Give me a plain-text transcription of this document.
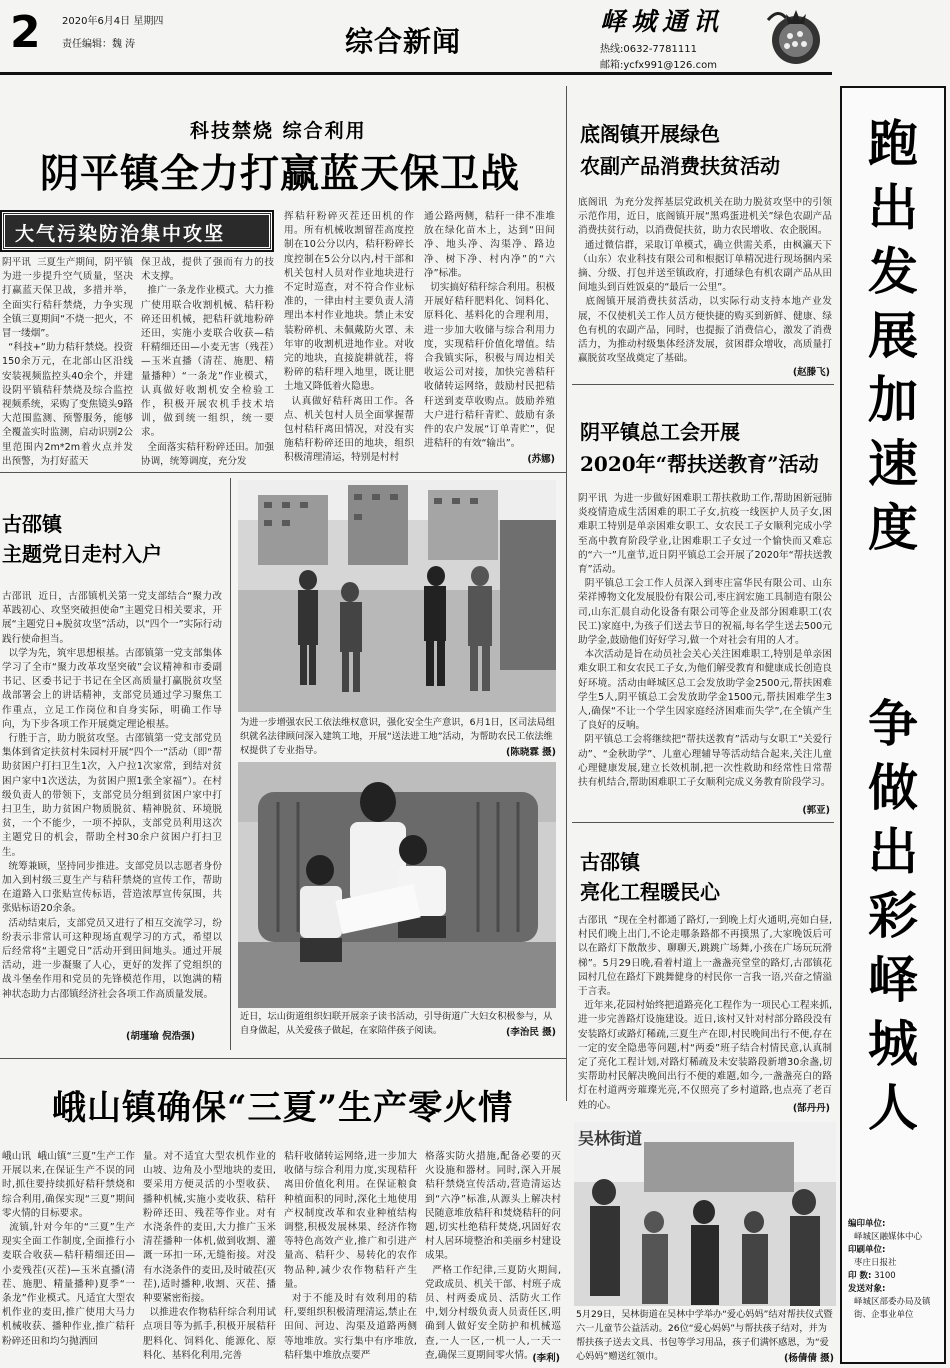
2 2020年6月4日 星期四
责任编辑：魏 涛	综合新闻
峄城通讯
热线:0632-7781111
邮箱:ycfx991@126.com
跑
出
发
展
加
速
度
争
做
出
彩
峄
城
人
编印单位:
峄城区融媒体中心
印刷单位:
枣庄日报社
印 数: 3100
发送对象:
峄城区部委办局及镇街、企事业单位
科技禁烧 综合利用
阴平镇全力打赢蓝天保卫战
大气污染防治集中攻坚
阴平讯  三夏生产期间，阴平镇为进一步提升空气质量，坚决打赢蓝天保卫战，多措并举，全面实行秸秆禁烧，力争实现全镇三夏期间“不烧一把火，不冒一缕烟”。
“科技+”助力秸秆禁烧。投资150余万元，在北部山区沿线安装视频监控头40余个，并建设阴平镇秸秆禁烧及综合监控视频系统，采购了变焦镜头9路大范围监测、预警服务，能够全覆盖实时监测，启动识别2公里范围内2m*2m着火点并发出预警，为打好蓝天
保卫战，提供了强而有力的技术支撑。
推广一条龙作业模式。大力推广使用联合收割机械、秸秆粉碎还田机械，把秸秆就地粉碎还田，实施小麦联合收获—秸秆精细还田—小麦无害（残茬）—玉米直播（清茬、施肥、精量播种）“一条龙”作业模式，认真做好收割机安全检验工作，积极开展农机手技术培训，做到统一组织，统一要求。
全面落实秸秆粉碎还田。加强协调，统筹调度，充分发
挥秸秆粉碎灭茬还田机的作用。所有机械收割留茬高度控制在10公分以内，秸秆粉碎长度控制在5公分以内,村干部和机关包村人员对作业地块进行不定时巡查，对不符合作业标准的，一律由村主要负责人清理出本村作业地块。禁止未安装粉碎机、未佩戴防火罩、未年审的收割机进地作业。对收完的地块，直接旋耕就茬，将粉碎的秸秆埋入地里，既让肥土地又降低着火隐患。
认真做好秸秆离田工作。各点、机关包村人员全面掌握帮包村秸秆离田情况，对没有实施秸秆粉碎还田的地块，组织积极清理清运，特别是村村
通公路两侧，秸秆一律不准堆放在绿化苗木上，达到“田间净、地头净、沟渠净、路边净、树下净、村内净”的“六净”标准。
切实搞好秸秆综合利用。积极开展好秸秆肥料化、饲料化、原料化、基料化的合理利用，进一步加大收储与综合利用力度，实现秸秆价值化增值。结合我镇实际，积极与周边相关收运公司对接，加快完善秸秆收储转运网络，鼓励村民把秸秆送到麦草收购点。鼓励养殖大户进行秸秆青贮、鼓励有条件的农户发展“订单青贮”，促进秸秆的有效“输出”。
(苏娜)
古邵镇
主题党日走村入户
古邵讯  近日，古邵镇机关第一党支部结合“聚力改革践初心、攻坚突破担使命”主题党日相关要求，开展“主题党日+脱贫攻坚”活动，以“四个一”实际行动践行使命担当。
以学为先，筑牢思想根基。古邵镇第一党支部集体学习了全市“聚力改革攻坚突破”会议精神和市委副书记、区委书记于书记在全区高质量打赢脱贫攻坚战部署会上的讲话精神，支部党员通过学习聚焦工作重点，立足工作岗位和自身实际，明确工作导向，为下步各项工作开展奠定理论根基。
行胜于言，助力脱贫攻坚。古邵镇第一党支部党员集体到省定扶贫村朱园村开展“四个一”活动（即“帮助贫困户打扫卫生1次，入户拉1次家常，到结对贫困户家中1次送法，为贫困户照1张全家福”）。在村级负责人的带领下，支部党员分组到贫困户家中打扫卫生，助力贫困户物质脱贫、精神脱贫、环境脱贫，一个不能少，一项不掉队，支部党员利用这次主题党日的机会，帮助全村30余户贫困户打扫卫生。
统筹兼顾，坚持同步推进。支部党员以志愿者身份加入到村级三夏生产与秸秆禁烧的宣传工作，帮助在道路入口张贴宣传标语，营造浓厚宣传氛围，共张贴标语20余条。
活动结束后，支部党员又进行了相互交流学习，纷纷表示非常认可这种现场直观学习的方式，希望以后经常将“主题党日”活动开到田间地头。通过开展活动，进一步凝聚了人心，更好的发挥了党组织的战斗堡垒作用和党员的先锋模范作用，以饱满的精神状态助力古邵镇经济社会各项工作高质量发展。
(胡瑾瑜 倪浩强)
为进一步增强农民工依法维权意识，强化安全生产意识，6月1日，区司法局组织就名法律顾问深入建筑工地，开展“送法进工地”活动，为帮助农民工依法维权提供了专业指导。	(陈晓霖 摄)
近日，坛山街道组织妇联开展亲子读书活动，引导街道广大妇女积极参与，从自身做起，从关爱孩子做起，在家陪伴孩子阅读。	(李治民 摄)
底阁镇开展绿色
农副产品消费扶贫活动
底阁讯  为充分发挥基层党政机关在助力脱贫攻坚中的引领示范作用，近日，底阁镇开展“黑鸡蛋进机关”绿色农副产品消费扶贫行动，以消费促扶贫，助力农民增收、农企脱困。
通过微信群，采取订单模式，确立供需关系，由枫瀛天下（山东）农业科技有限公司和根据订单精况进行现场捆内采摘、分级、打包并送至镇政府，打通绿色有机农副产品从田间地头到百姓饭桌的“最后一公里”。
底阁镇开展消费扶贫活动，以实际行动支持本地产业发展，不仅使机关工作人员方便快捷的购买到新鲜、健康、绿色有机的农副产品，同时，也提振了消费信心，激发了消费活力，为推动村级集体经济发展，贫困群众增收，高质量打赢脱贫攻坚战奠定了基础。
(赵滕飞)
阴平镇总工会开展
2020年“帮扶送教育”活动
阴平讯  为进一步做好困难职工帮扶救助工作,帮助困新冠肺炎疫情造成生活困难的职工子女,抗疫一线医护人员子女,困难职工特别是单亲困难女职工、女农民工子女顺利完成小学至高中教育阶段学业,让困难职工子女过一个愉快而又难忘的“六一”儿童节,近日阴平镇总工会开展了2020年“帮扶送教育”活动。
阴平镇总工会工作人员深入到枣庄富华民有限公司、山东荣祥博物文化发展股份有限公司,枣庄润宏施工具制造有限公司,山东汇晨自动化设备有限公司等企业及部分困难职工(农民工)家庭中,为孩子们送去节日的祝福,每名学生送去500元助学金,鼓励他们好好学习,做一个对社会有用的人才。
本次活动是旨在动员社会关心关注困难职工,特别是单亲困难女职工和女农民工子女,为他们解受教育和健康成长创造良好环境。活动由峄城区总工会发放助学金2500元,帮扶困难学生5人,阴平镇总工会发放助学金1500元,帮扶困难学生3人,确保“不让一个学生因家庭经济困难而失学”,在全镇产生了良好的反响。
阴平镇总工会将继续把“帮扶送教育”活动与女职工“关爱行动”、“金秋助学”、儿童心理辅导等活动结合起来,关注儿童心理健康发展,建立长效机制,把一次性救助和经常性日常帮扶有机结合,帮助困难职工子女顺利完成义务教育阶段学习。
(郭亚)
古邵镇
亮化工程暖民心
古邵讯  “现在全村都通了路灯,一到晚上灯火通明,亮如白昼,村民们晚上出门,不论走哪条路都不再摸黑了,大家晚饭后可以在路灯下散散步、聊聊天,跳跳广场舞,小孩在广场玩玩滑梯”。5月29日晚,看着村道上一盏盏亮堂堂的路灯,古邵镇花园村几位在路灯下跳舞健身的村民你一言我一语,兴奋之情溢于言表。
近年来,花园村始终把道路亮化工程作为一项民心工程来抓,进一步完善路灯设施建设。近日,该村又针对村部分路段没有安装路灯或路灯稀疏,三夏生产在即,村民晚间出行不便,存在一定的安全隐患等问题,村“两委”班子结合村情民意,认真制定了亮化工程计划,对路灯稀疏及未安装路段新增30余盏,切实帮助村民解决晚间出行不便的难题,如今,一盏盏亮白的路灯在村道两旁璀璨光亮,不仅照亮了乡村道路,也点亮了老百姓的心。	(郜丹丹)
峨山镇确保“三夏”生产零火情
峨山讯  峨山镇“三夏”生产工作开展以来,在保证生产不误的同时,抓住要持续抓好秸秆禁烧和综合利用,确保实现“三夏”期间零火情的目标要求。
流镇,针对今年的“三夏”生产现实全面工作制度,全面推行小麦联合收获—秸秆精细还田—小麦残茬(灭茬)—玉米直播(清茬、施肥、精量播种)夏季“一条龙”作业模式。凡适宜大型农机作业的麦田,推广使用大马力机械收获、播种作业,推广秸秆粉碎还田和均匀抛洒回
量。对不适宜大型农机作业的山坡、边角及小型地块的麦田,要采用方便灵活的小型收获、播种机械,实施小麦收获、秸秆粉碎还田、残茬等作业。对有水浇条件的麦田,大力推广玉米清茬播种一体机,做到收割、灌溉一环扣一环,无缝衔接。对没有水浇条件的麦田,及时破茬(灭茬),适时播种,收割、灭茬、播种要紧密衔接。
以推进农作物秸秆综合利用试点项目等为抓手,积极开展秸秆肥料化、饲料化、能源化、原料化、基料化利用,完善
秸秆收储转运网络,进一步加大收储与综合利用力度,实现秸秆离田价值化利用。在保证粮食种植面积的同时,深化土地使用产权制度改革和农业种植结构调整,积极发展林果、经济作物等特色高效产业,推广和引进产量高、秸秆少、易转化的农作物品种,减少农作物秸秆产生量。
对于不能及时有效利用的秸秆,要组织积极清理清运,禁止在田间、河边、沟渠及道路两侧等地堆放。实行集中有序堆放,秸秆集中堆放点要严
格落实防火措施,配备必要的灭火设施和器材。同时,深入开展秸秆禁烧宣传活动,营造清运达到“六净”标准,从源头上解决村民随意堆放秸秆和焚烧秸秆的问题,切实杜绝秸秆焚烧,巩固好农村人居环境整治和美丽乡村建设成果。
严格工作纪律,三夏防火期间,党政成员、机关干部、村班子成员、村两委成员、活防火工作中,划分村级负责人员责任区,明确到人做好安全防护和机械巡查,一人一区,一机一人,一天一查,确保三夏期间零火情。
(李利)
吴林街道
5月29日，吴林街道在吴林中学举办“爱心妈妈”结对帮扶仪式暨六一儿童节公益活动。26位“爱心妈妈”与帮扶孩子结对，并为帮扶孩子送去文具、书包等学习用品，孩子们满怀感恩，为“爱心妈妈”赠送红领巾。	(杨倩倩 摄)
